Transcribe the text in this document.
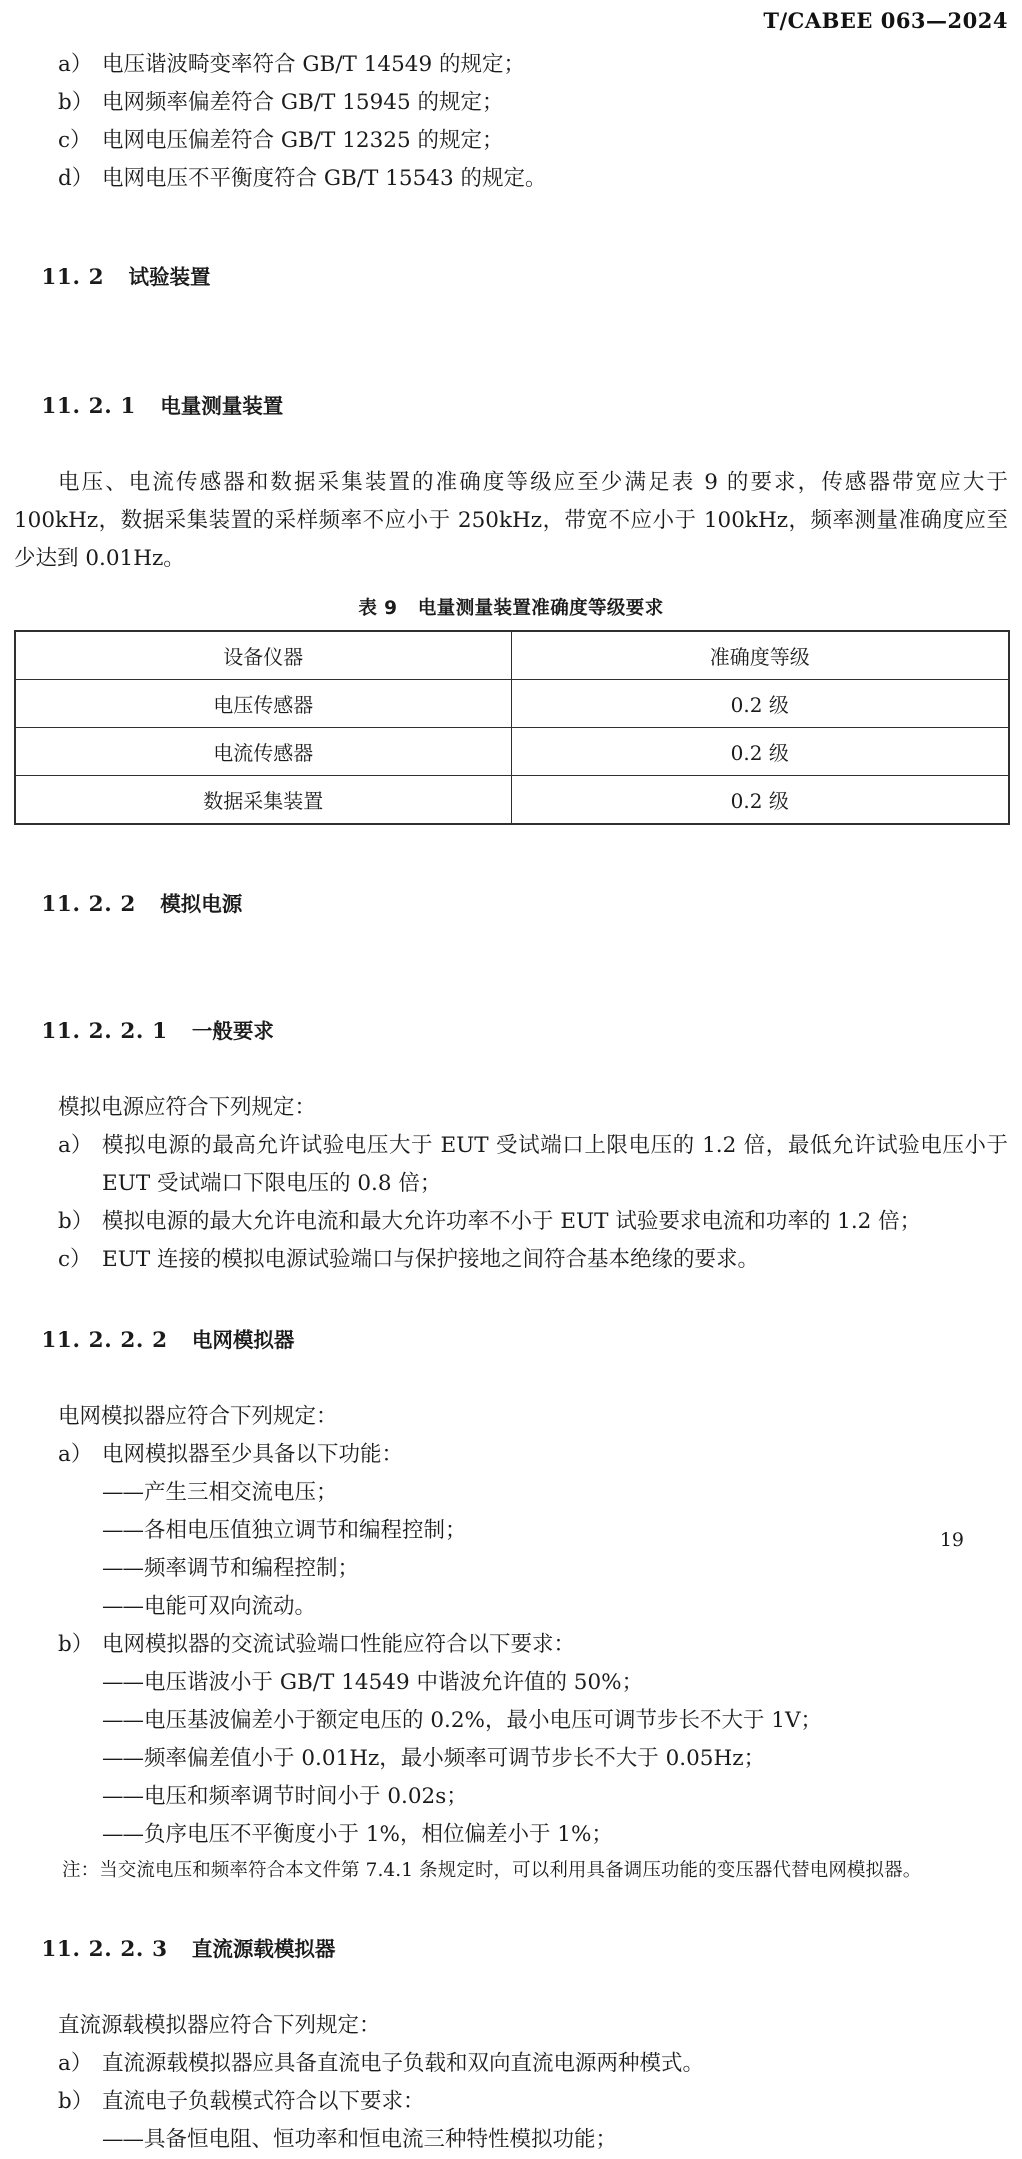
T/CABEE 063—2024
a） 电压谐波畸变率符合 GB/T 14549 的规定；
b） 电网频率偏差符合 GB/T 15945 的规定；
c） 电网电压偏差符合 GB/T 12325 的规定；
d） 电网电压不平衡度符合 GB/T 15543 的规定。

11. 2 试验装置

11. 2. 1 电量测量装置

电压、电流传感器和数据采集装置的准确度等级应至少满足表 9 的要求，传感器带宽应大于 100kHz，数据采集装置的采样频率不应小于 250kHz，带宽不应小于 100kHz，频率测量准确度应至少达到 0.01Hz。

表 9   电量测量装置准确度等级要求
设备仪器	准确度等级
电压传感器	0.2 级
电流传感器	0.2 级
数据采集装置	0.2 级

11. 2. 2 模拟电源

11. 2. 2. 1 一般要求

模拟电源应符合下列规定：

a） 模拟电源的最高允许试验电压大于 EUT 受试端口上限电压的 1.2 倍，最低允许试验电压小于 EUT 受试端口下限电压的 0.8 倍；
b） 模拟电源的最大允许电流和最大允许功率不小于 EUT 试验要求电流和功率的 1.2 倍；
c） EUT 连接的模拟电源试验端口与保护接地之间符合基本绝缘的要求。

11. 2. 2. 2 电网模拟器

电网模拟器应符合下列规定：

a） 电网模拟器至少具备以下功能：
—— 产生三相交流电压；
—— 各相电压值独立调节和编程控制；
—— 频率调节和编程控制；
—— 电能可双向流动。
b） 电网模拟器的交流试验端口性能应符合以下要求：
—— 电压谐波小于 GB/T 14549 中谐波允许值的 50%；
—— 电压基波偏差小于额定电压的 0.2%，最小电压可调节步长不大于 1V；
—— 频率偏差值小于 0.01Hz，最小频率可调节步长不大于 0.05Hz；
—— 电压和频率调节时间小于 0.02s；
—— 负序电压不平衡度小于 1%，相位偏差小于 1%；

注：当交流电压和频率符合本文件第 7.4.1 条规定时，可以利用具备调压功能的变压器代替电网模拟器。

11. 2. 2. 3 直流源载模拟器

直流源载模拟器应符合下列规定：

a） 直流源载模拟器应具备直流电子负载和双向直流电源两种模式。
b） 直流电子负载模式符合以下要求：
—— 具备恒电阻、恒功率和恒电流三种特性模拟功能；
19
